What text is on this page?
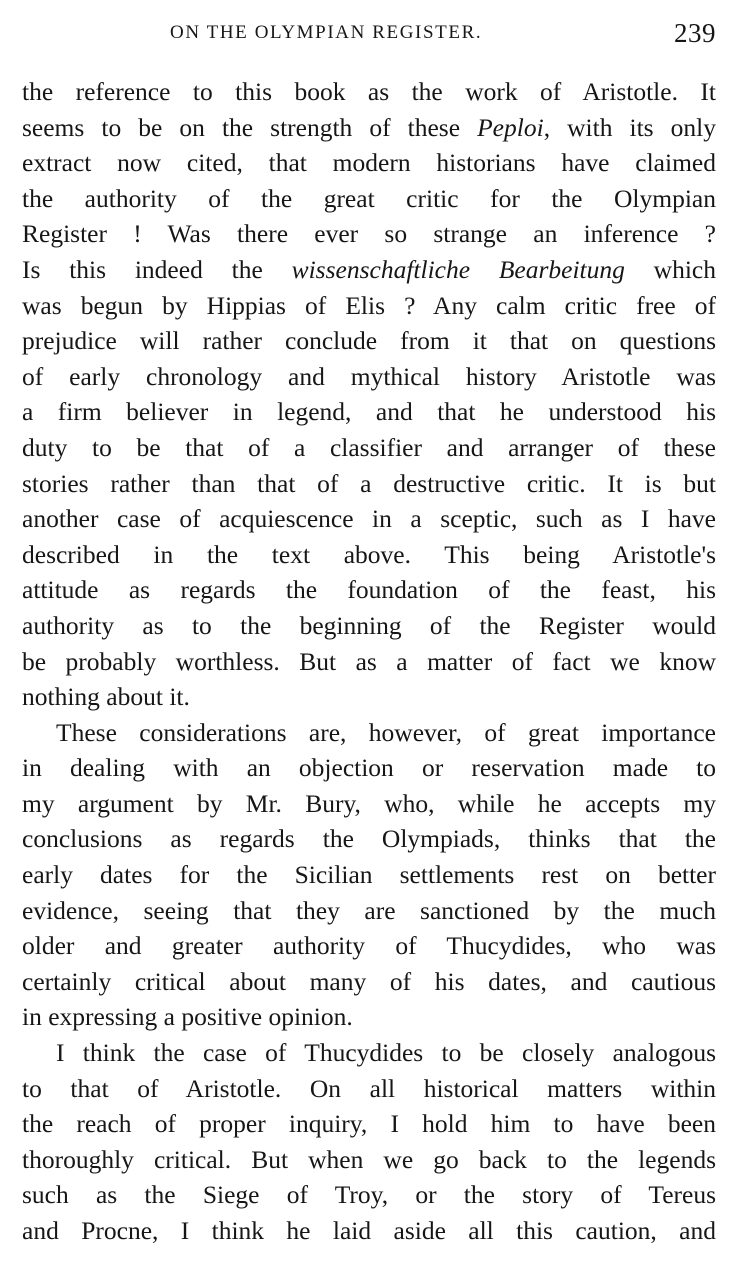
ON THE OLYMPIAN REGISTER.	239
the reference to this book as the work of Aristotle. It
seems to be on the strength of these Peploi, with its only
extract now cited, that modern historians have claimed
the authority of the great critic for the Olympian
Register ! Was there ever so strange an inference ?
Is this indeed the wissenschaftliche Bearbeitung which
was begun by Hippias of Elis ? Any calm critic free of
prejudice will rather conclude from it that on questions
of early chronology and mythical history Aristotle was
a firm believer in legend, and that he understood his
duty to be that of a classifier and arranger of these
stories rather than that of a destructive critic. It is but
another case of acquiescence in a sceptic, such as I have
described in the text above. This being Aristotle's
attitude as regards the foundation of the feast, his
authority as to the beginning of the Register would
be probably worthless. But as a matter of fact we know
nothing about it.
These considerations are, however, of great importance
in dealing with an objection or reservation made to
my argument by Mr. Bury, who, while he accepts my
conclusions as regards the Olympiads, thinks that the
early dates for the Sicilian settlements rest on better
evidence, seeing that they are sanctioned by the much
older and greater authority of Thucydides, who was
certainly critical about many of his dates, and cautious
in expressing a positive opinion.
I think the case of Thucydides to be closely analogous
to that of Aristotle. On all historical matters within
the reach of proper inquiry, I hold him to have been
thoroughly critical. But when we go back to the legends
such as the Siege of Troy, or the story of Tereus
and Procne, I think he laid aside all this caution, and
